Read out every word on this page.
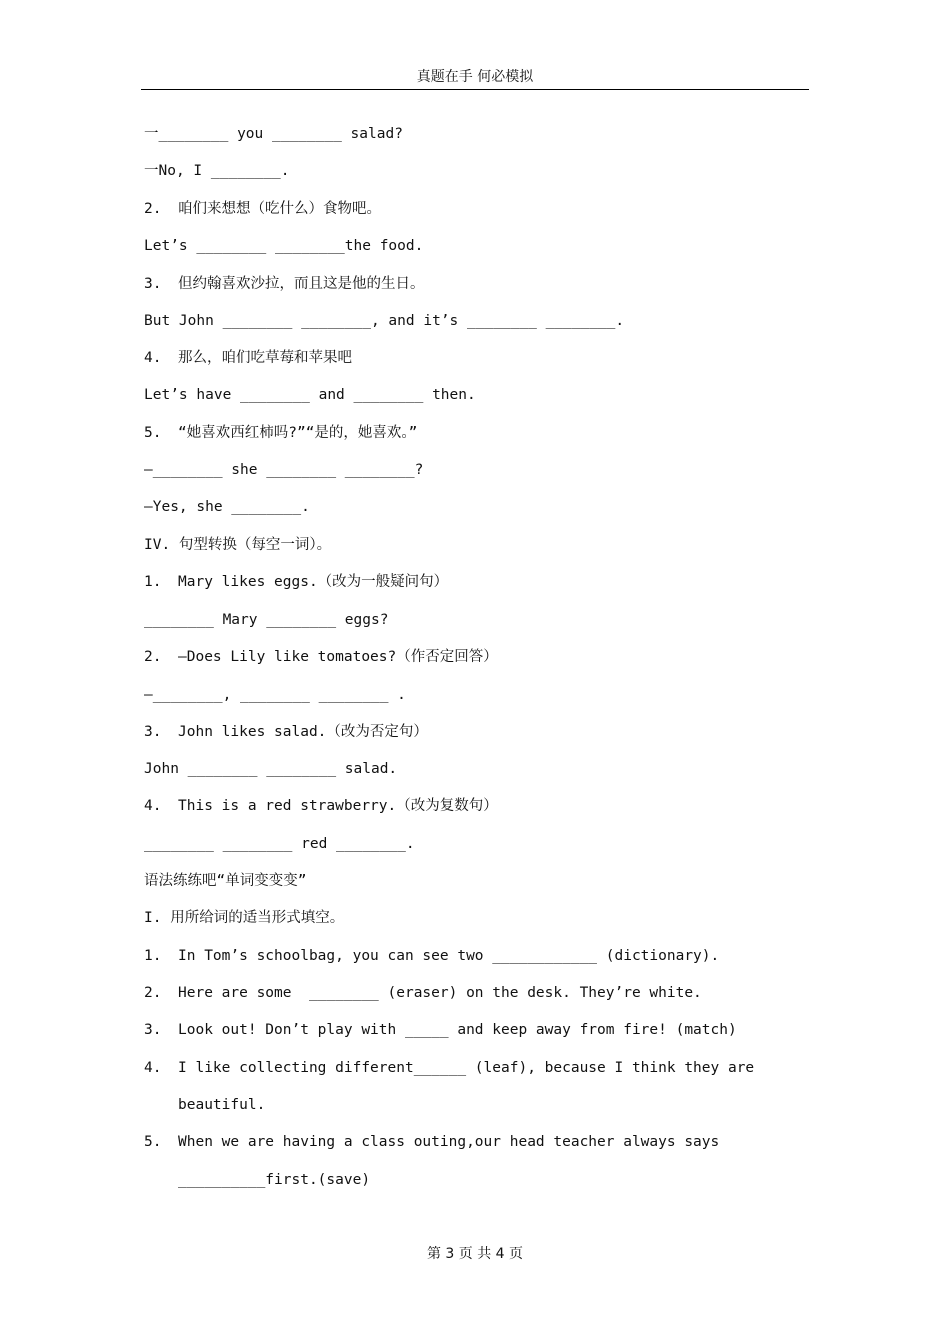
真题在手 何必模拟
一________ you ________ salad?
一No, I ________.
2. 咱们来想想（吃什么）食物吧。
Let’s ________ ________the food.
3. 但约翰喜欢沙拉，而且这是他的生日。
But John ________ ________, and it’s ________ ________.
4. 那么，咱们吃草莓和苹果吧
Let’s have ________ and ________ then.
5. “她喜欢西红柿吗?”“是的，她喜欢。”
—________ she ________ ________?
—Yes, she ________.
IV. 句型转换（每空一词）。
1. Mary likes eggs.（改为一般疑问句）
________ Mary ________ eggs?
2. —Does Lily like tomatoes?（作否定回答）
—________, ________ ________ .
3. John likes salad.（改为否定句）
John ________ ________ salad.
4. This is a red strawberry.（改为复数句）
________ ________ red ________.
语法练练吧“单词变变变”
I. 用所给词的适当形式填空。
1. In Tom’s schoolbag, you can see two ____________ (dictionary).
2. Here are some  ________ (eraser) on the desk. They’re white.
3. Look out! Don’t play with _____ and keep away from fire! (match)
4. I like collecting different______ (leaf), because I think they are
beautiful.
5. When we are having a class outing,our head teacher always says
__________first.(save)
第 3 页 共 4 页
